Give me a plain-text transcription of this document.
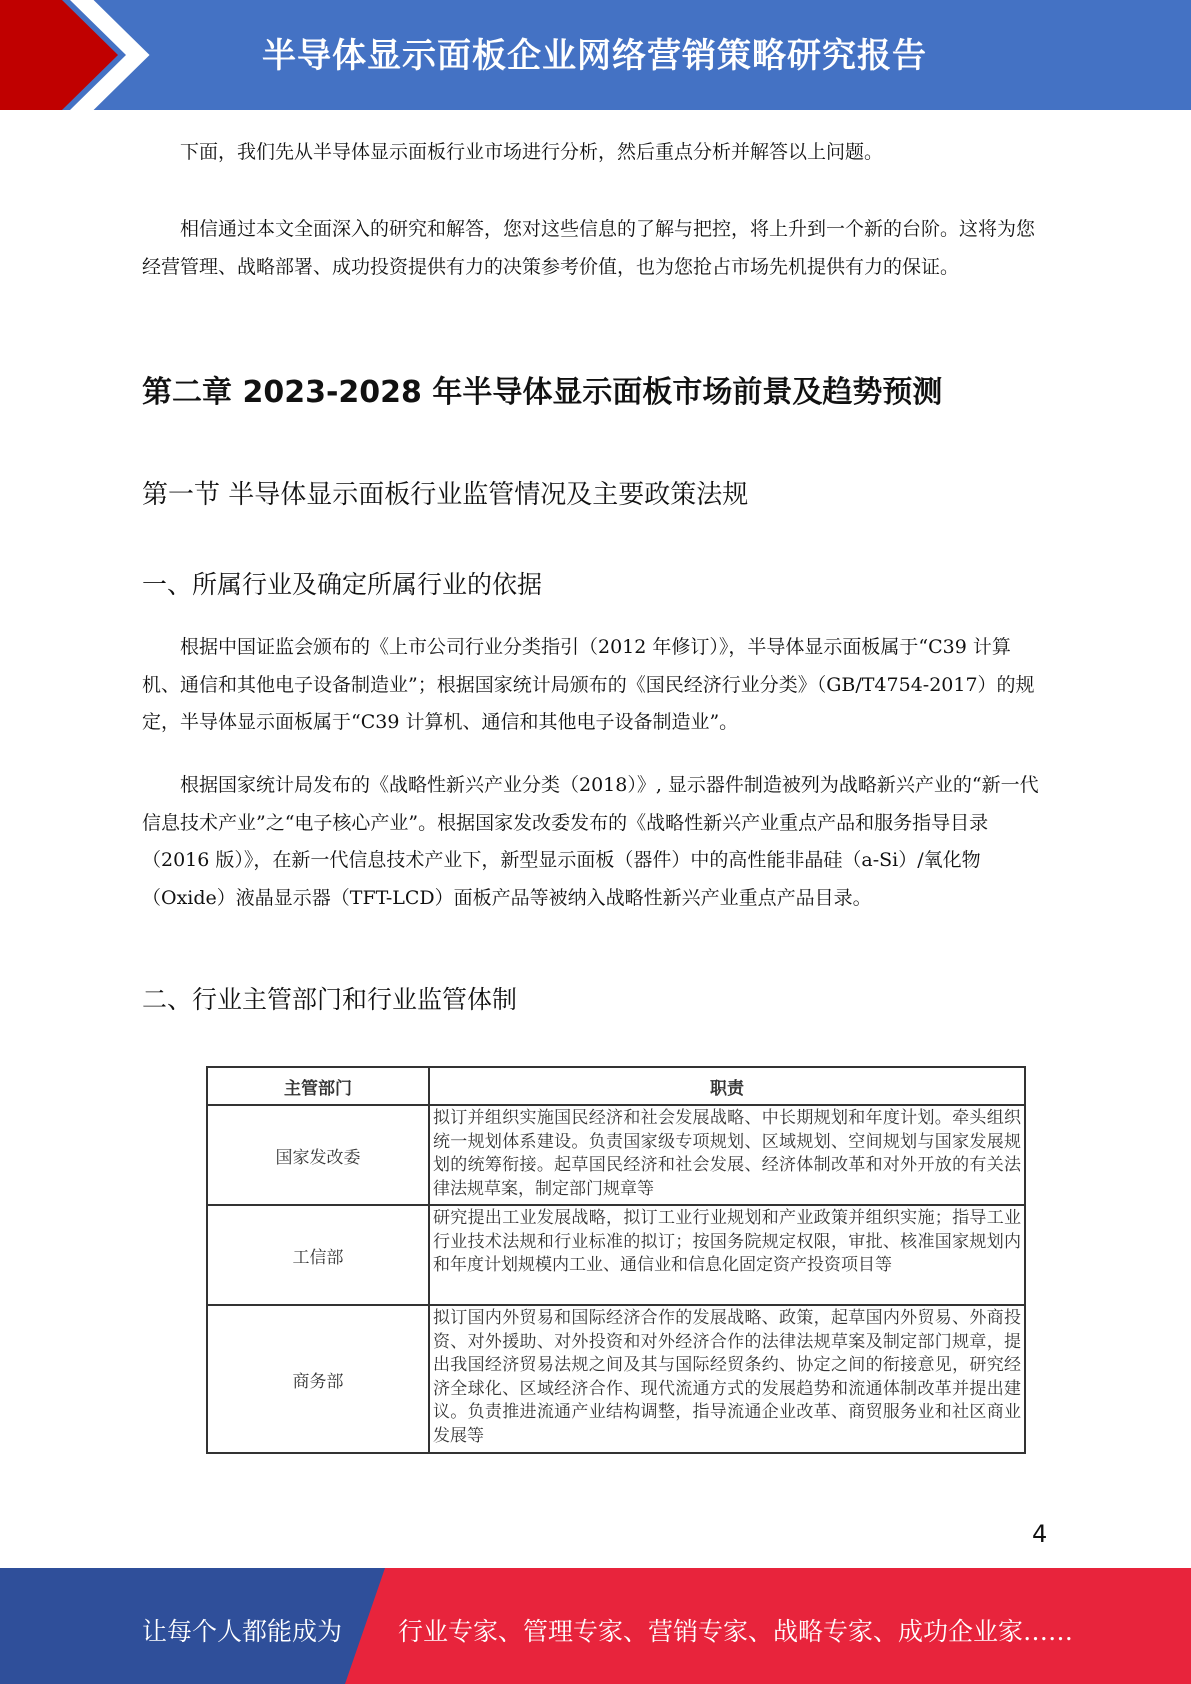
半导体显示面板企业网络营销策略研究报告

下面，我们先从半导体显示面板行业市场进行分析，然后重点分析并解答以上问题。

相信通过本文全面深入的研究和解答，您对这些信息的了解与把控，将上升到一个新的台阶。这将为您经营管理、战略部署、成功投资提供有力的决策参考价值，也为您抢占市场先机提供有力的保证。

第二章 2023-2028 年半导体显示面板市场前景及趋势预测
第一节 半导体显示面板行业监管情况及主要政策法规
一、所属行业及确定所属行业的依据

根据中国证监会颁布的《上市公司行业分类指引（2012 年修订）》，半导体显示面板属于“C39 计算机、通信和其他电子设备制造业”；根据国家统计局颁布的《国民经济行业分类》（GB/T4754-2017）的规定，半导体显示面板属于“C39 计算机、通信和其他电子设备制造业”。

根据国家统计局发布的《战略性新兴产业分类（2018）》, 显示器件制造被列为战略新兴产业的“新一代信息技术产业”之“电子核心产业”。根据国家发改委发布的《战略性新兴产业重点产品和服务指导目录（2016 版）》，在新一代信息技术产业下，新型显示面板（器件）中的高性能非晶硅（a-Si）/氧化物（Oxide）液晶显示器（TFT-LCD）面板产品等被纳入战略性新兴产业重点产品目录。

二、行业主管部门和行业监管体制
主管部门	职责
国家发改委	拟订并组织实施国民经济和社会发展战略、中长期规划和年度计划。牵头组织统一规划体系建设。负责国家级专项规划、区域规划、空间规划与国家发展规划的统筹衔接。起草国民经济和社会发展、经济体制改革和对外开放的有关法律法规草案，制定部门规章等
工信部	研究提出工业发展战略，拟订工业行业规划和产业政策并组织实施；指导工业行业技术法规和行业标准的拟订；按国务院规定权限，审批、核准国家规划内和年度计划规模内工业、通信业和信息化固定资产投资项目等
商务部	拟订国内外贸易和国际经济合作的发展战略、政策，起草国内外贸易、外商投资、对外援助、对外投资和对外经济合作的法律法规草案及制定部门规章，提出我国经济贸易法规之间及其与国际经贸条约、协定之间的衔接意见，研究经济全球化、区域经济合作、现代流通方式的发展趋势和流通体制改革并提出建议。负责推进流通产业结构调整，指导流通企业改革、商贸服务业和社区商业发展等
4
让每个人都能成为 行业专家、管理专家、营销专家、战略专家、成功企业家……
